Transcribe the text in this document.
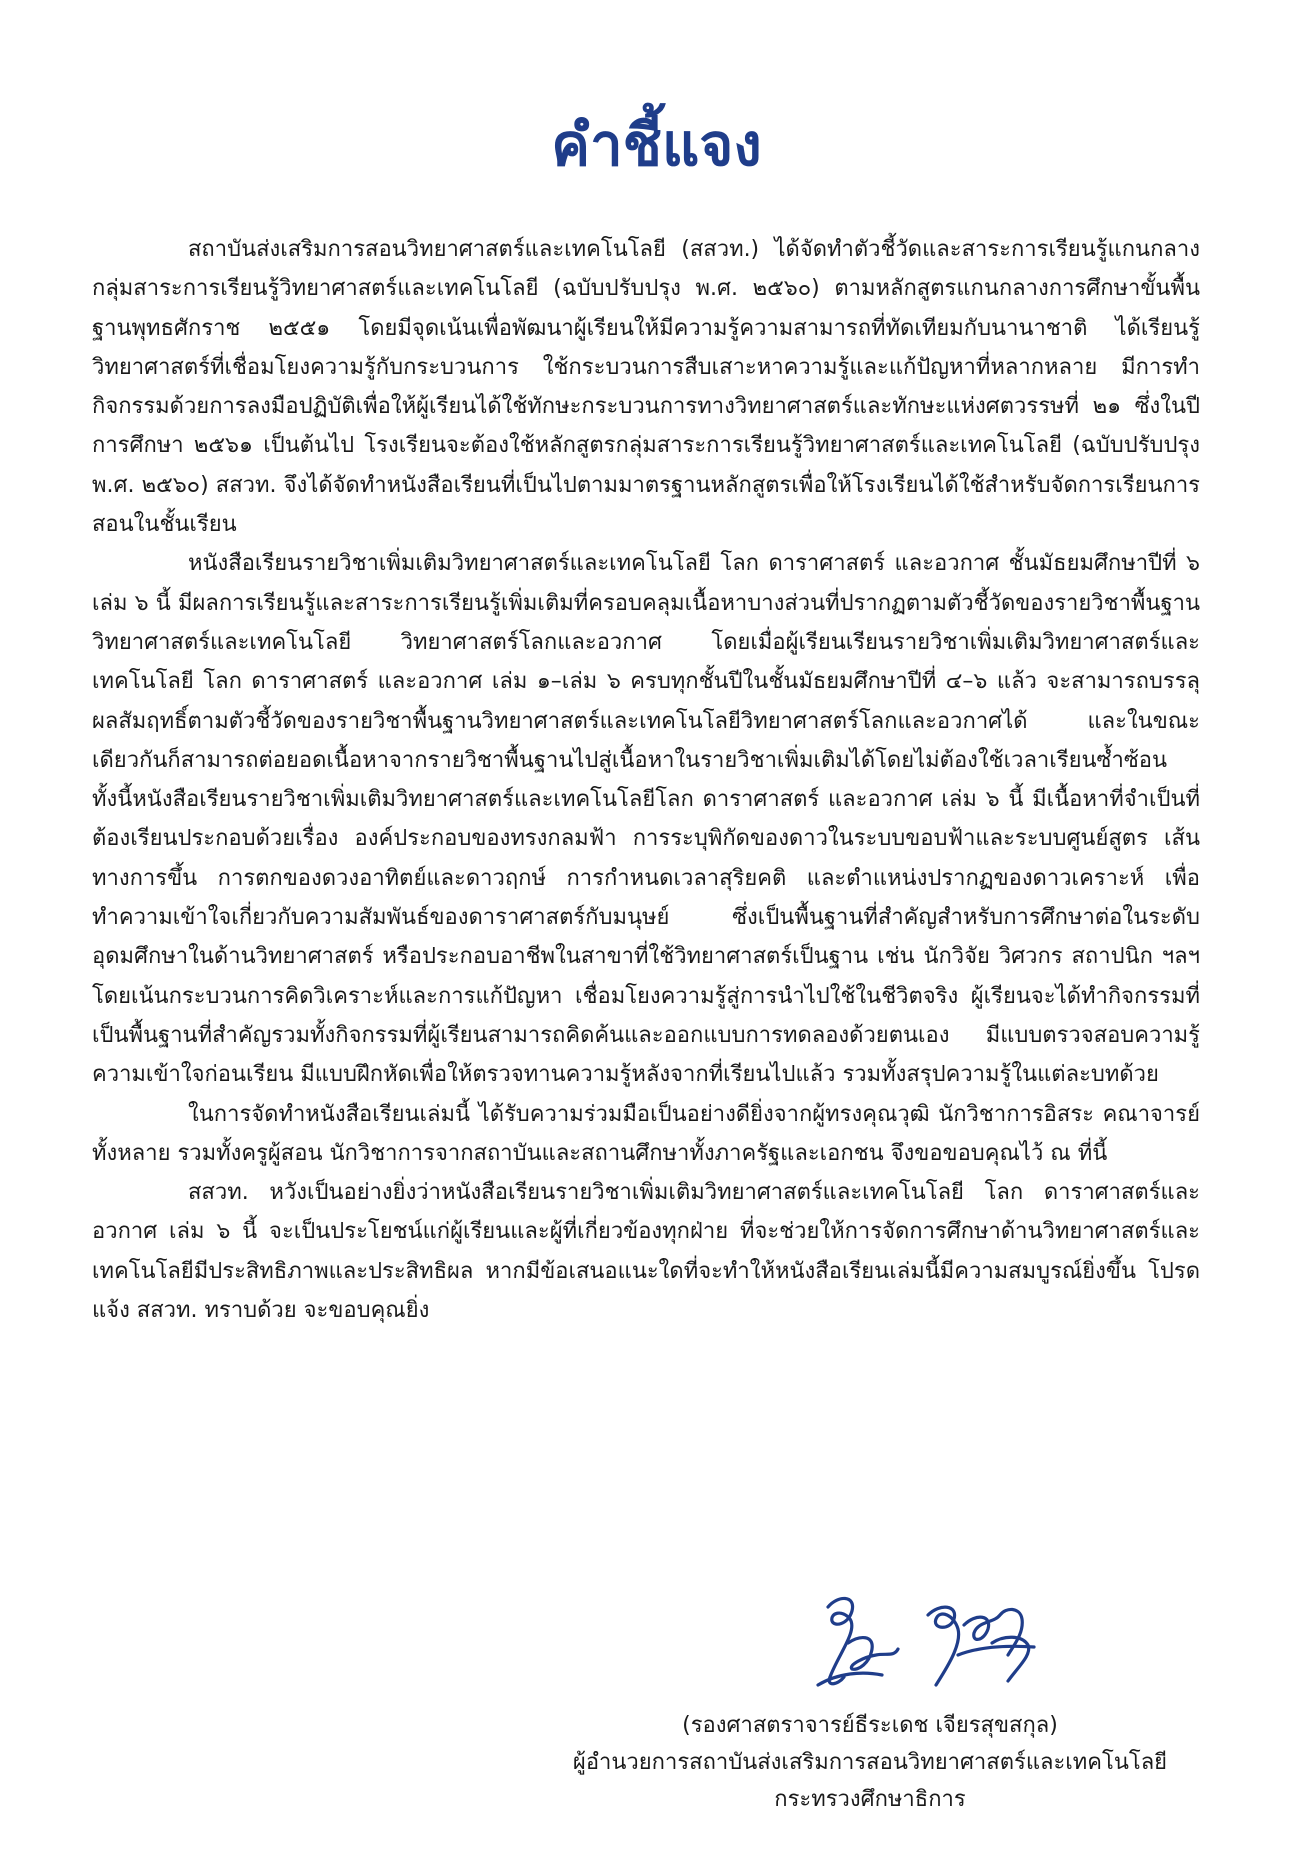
คำชี้แจง

สถาบันส่งเสริมการสอนวิทยาศาสตร์และเทคโนโลยี (สสวท.) ได้จัดทำตัวชี้วัดและสาระการเรียนรู้แกนกลาง กลุ่มสาระการเรียนรู้วิทยาศาสตร์และเทคโนโลยี (ฉบับปรับปรุง พ.ศ. ๒๕๖๐) ตามหลักสูตรแกนกลางการศึกษาขั้นพื้นฐานพุทธศักราช ๒๕๕๑ โดยมีจุดเน้นเพื่อพัฒนาผู้เรียนให้มีความรู้ความสามารถที่ทัดเทียมกับนานาชาติ ได้เรียนรู้วิทยาศาสตร์ที่เชื่อมโยงความรู้กับกระบวนการ ใช้กระบวนการสืบเสาะหาความรู้และแก้ปัญหาที่หลากหลาย มีการทำกิจกรรมด้วยการลงมือปฏิบัติเพื่อให้ผู้เรียนได้ใช้ทักษะกระบวนการทางวิทยาศาสตร์และทักษะแห่งศตวรรษที่ ๒๑ ซึ่งในปีการศึกษา ๒๕๖๑ เป็นต้นไป โรงเรียนจะต้องใช้หลักสูตรกลุ่มสาระการเรียนรู้วิทยาศาสตร์และเทคโนโลยี (ฉบับปรับปรุง พ.ศ. ๒๕๖๐) สสวท. จึงได้จัดทำหนังสือเรียนที่เป็นไปตามมาตรฐานหลักสูตรเพื่อให้โรงเรียนได้ใช้สำหรับจัดการเรียนการสอนในชั้นเรียน

หนังสือเรียนรายวิชาเพิ่มเติมวิทยาศาสตร์และเทคโนโลยี โลก ดาราศาสตร์ และอวกาศ ชั้นมัธยมศึกษาปีที่ ๖ เล่ม ๖ นี้ มีผลการเรียนรู้และสาระการเรียนรู้เพิ่มเติมที่ครอบคลุมเนื้อหาบางส่วนที่ปรากฏตามตัวชี้วัดของรายวิชาพื้นฐานวิทยาศาสตร์และเทคโนโลยี วิทยาศาสตร์โลกและอวกาศ โดยเมื่อผู้เรียนเรียนรายวิชาเพิ่มเติมวิทยาศาสตร์และเทคโนโลยี โลก ดาราศาสตร์ และอวกาศ เล่ม ๑–เล่ม ๖ ครบทุกชั้นปีในชั้นมัธยมศึกษาปีที่ ๔–๖ แล้ว จะสามารถบรรลุผลสัมฤทธิ์ตามตัวชี้วัดของรายวิชาพื้นฐานวิทยาศาสตร์และเทคโนโลยีวิทยาศาสตร์โลกและอวกาศได้ และในขณะเดียวกันก็สามารถต่อยอดเนื้อหาจากรายวิชาพื้นฐานไปสู่เนื้อหาในรายวิชาเพิ่มเติมได้โดยไม่ต้องใช้เวลาเรียนซ้ำซ้อน ทั้งนี้หนังสือเรียนรายวิชาเพิ่มเติมวิทยาศาสตร์และเทคโนโลยีโลก ดาราศาสตร์ และอวกาศ เล่ม ๖ นี้ มีเนื้อหาที่จำเป็นที่ต้องเรียนประกอบด้วยเรื่อง องค์ประกอบของทรงกลมฟ้า การระบุพิกัดของดาวในระบบขอบฟ้าและระบบศูนย์สูตร เส้นทางการขึ้น การตกของดวงอาทิตย์และดาวฤกษ์ การกำหนดเวลาสุริยคติ และตำแหน่งปรากฏของดาวเคราะห์ เพื่อทำความเข้าใจเกี่ยวกับความสัมพันธ์ของดาราศาสตร์กับมนุษย์ ซึ่งเป็นพื้นฐานที่สำคัญสำหรับการศึกษาต่อในระดับอุดมศึกษาในด้านวิทยาศาสตร์ หรือประกอบอาชีพในสาขาที่ใช้วิทยาศาสตร์เป็นฐาน เช่น นักวิจัย วิศวกร สถาปนิก ฯลฯ โดยเน้นกระบวนการคิดวิเคราะห์และการแก้ปัญหา เชื่อมโยงความรู้สู่การนำไปใช้ในชีวิตจริง ผู้เรียนจะได้ทำกิจกรรมที่เป็นพื้นฐานที่สำคัญรวมทั้งกิจกรรมที่ผู้เรียนสามารถคิดค้นและออกแบบการทดลองด้วยตนเอง มีแบบตรวจสอบความรู้ ความเข้าใจก่อนเรียน มีแบบฝึกหัดเพื่อให้ตรวจทานความรู้หลังจากที่เรียนไปแล้ว รวมทั้งสรุปความรู้ในแต่ละบทด้วย

ในการจัดทำหนังสือเรียนเล่มนี้ ได้รับความร่วมมือเป็นอย่างดียิ่งจากผู้ทรงคุณวุฒิ นักวิชาการอิสระ คณาจารย์ทั้งหลาย รวมทั้งครูผู้สอน นักวิชาการจากสถาบันและสถานศึกษาทั้งภาครัฐและเอกชน จึงขอขอบคุณไว้ ณ ที่นี้

สสวท. หวังเป็นอย่างยิ่งว่าหนังสือเรียนรายวิชาเพิ่มเติมวิทยาศาสตร์และเทคโนโลยี โลก ดาราศาสตร์และอวกาศ เล่ม ๖ นี้ จะเป็นประโยชน์แก่ผู้เรียนและผู้ที่เกี่ยวข้องทุกฝ่าย ที่จะช่วยให้การจัดการศึกษาด้านวิทยาศาสตร์และเทคโนโลยีมีประสิทธิภาพและประสิทธิผล หากมีข้อเสนอแนะใดที่จะทำให้หนังสือเรียนเล่มนี้มีความสมบูรณ์ยิ่งขึ้น โปรดแจ้ง สสวท. ทราบด้วย จะขอบคุณยิ่ง

(รองศาสตราจารย์ธีระเดช เจียรสุขสกุล)

ผู้อำนวยการสถาบันส่งเสริมการสอนวิทยาศาสตร์และเทคโนโลยี

กระทรวงศึกษาธิการ
